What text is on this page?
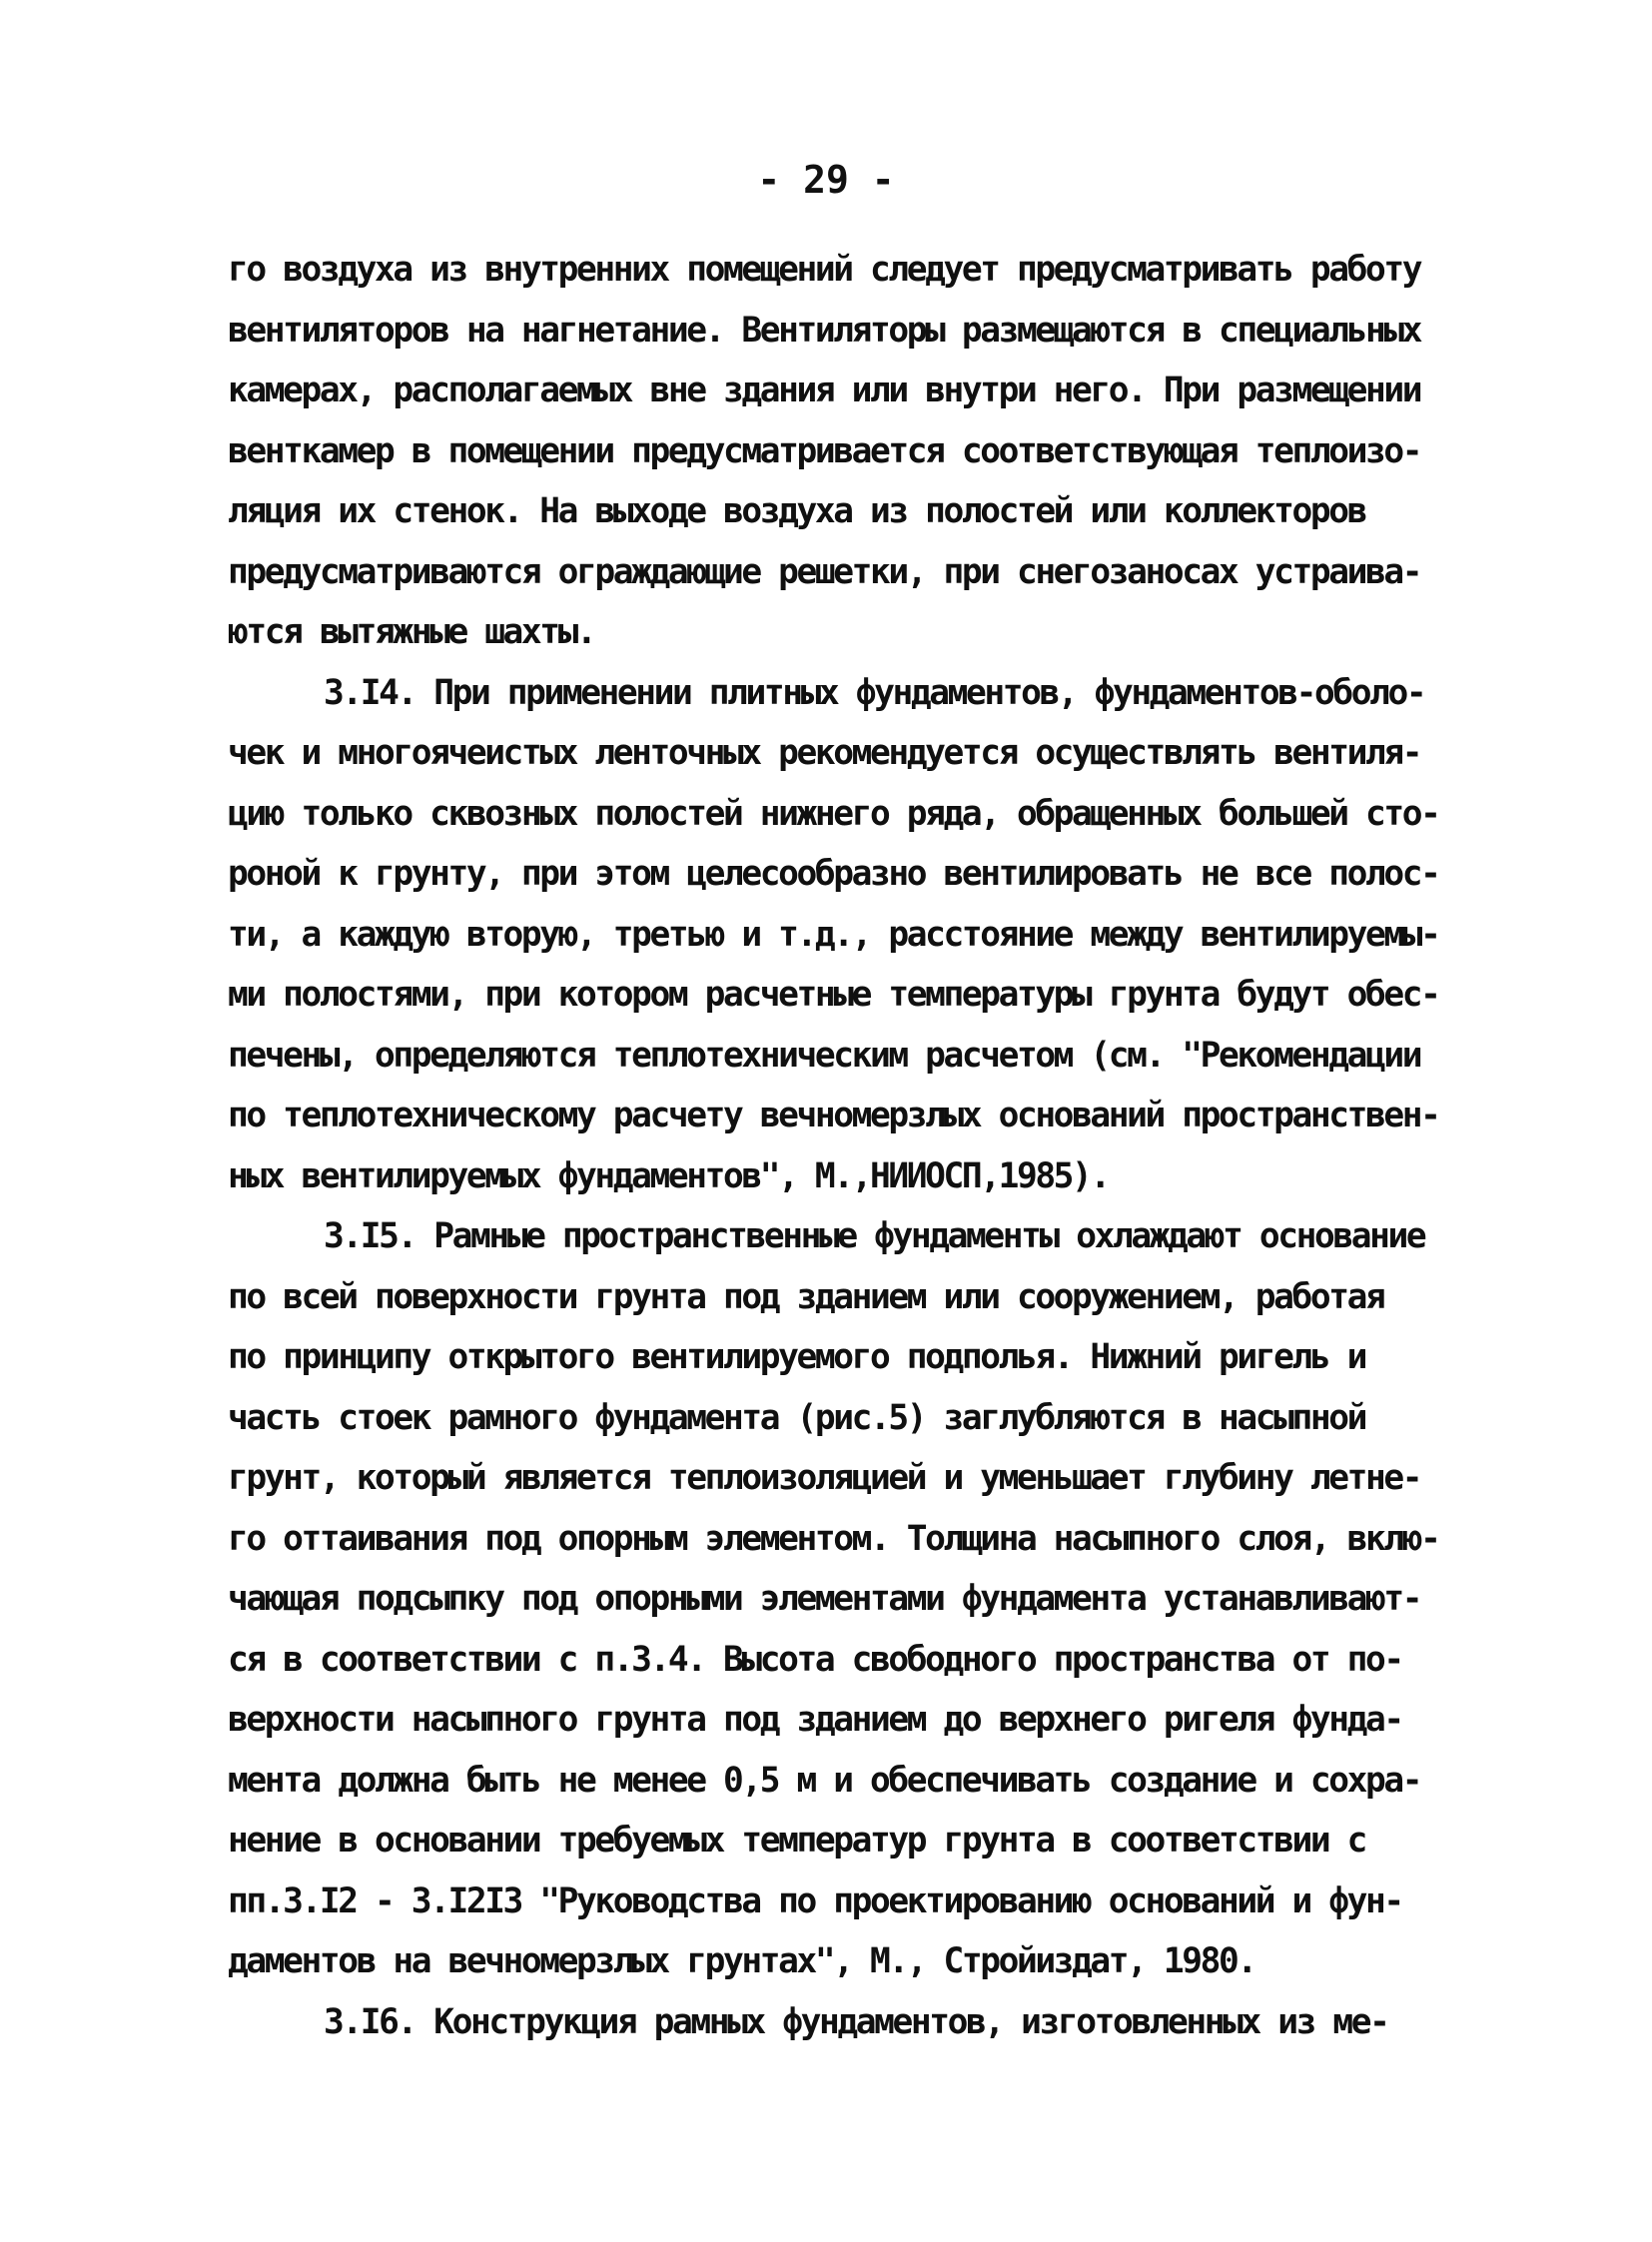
- 29 -
го воздуха из внутренних помещений следует предусматривать работу
вентиляторов на нагнетание. Вентиляторы размещаются в специальных
камерах, располагаемых вне здания или внутри него. При размещении
венткамер в помещении предусматривается соответствующая теплоизо-
ляция их стенок. На выходе воздуха из полостей или коллекторов
предусматриваются ограждающие решетки, при снегозаносах устраива-
ются вытяжные шахты.
3.I4. При применении плитных фундаментов, фундаментов-оболо-
чек и многоячеистых ленточных рекомендуется осуществлять вентиля-
цию только сквозных полостей нижнего ряда, обращенных большей сто-
роной к грунту, при этом целесообразно вентилировать не все полос-
ти, а каждую вторую, третью и т.д., расстояние между вентилируемы-
ми полостями, при котором расчетные температуры грунта будут обес-
печены, определяются теплотехническим расчетом (см. "Рекомендации
по теплотехническому расчету вечномерзлых оснований пространствен-
ных вентилируемых фундаментов", М.,НИИОСП,1985).
3.I5. Рамные пространственные фундаменты охлаждают основание
по всей поверхности грунта под зданием или сооружением, работая
по принципу открытого вентилируемого подполья. Нижний ригель и
часть стоек рамного фундамента (рис.5) заглубляются в насыпной
грунт, который является теплоизоляцией и уменьшает глубину летне-
го оттаивания под опорным элементом. Толщина насыпного слоя, вклю-
чающая подсыпку под опорными элементами фундамента устанавливают-
ся в соответствии с п.3.4. Высота свободного пространства от по-
верхности насыпного грунта под зданием до верхнего ригеля фунда-
мента должна быть не менее 0,5 м и обеспечивать создание и сохра-
нение в основании требуемых температур грунта в соответствии с
пп.3.I2 - 3.I2I3 "Руководства по проектированию оснований и фун-
даментов на вечномерзлых грунтах", М., Стройиздат, 1980.
3.I6. Конструкция рамных фундаментов, изготовленных из ме-
